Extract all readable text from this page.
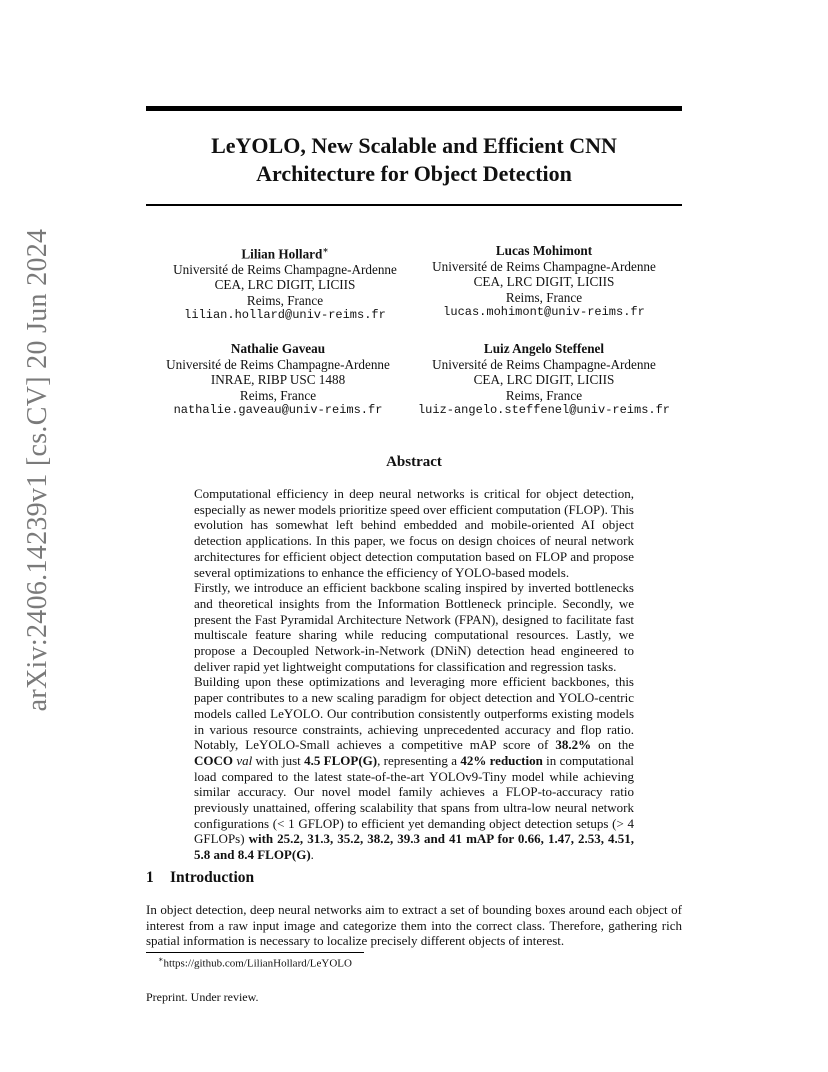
arXiv:2406.14239v1 [cs.CV] 20 Jun 2024
LeYOLO, New Scalable and Efficient CNN
Architecture for Object Detection
Lilian Hollard∗
Université de Reims Champagne-Ardenne
CEA, LRC DIGIT, LICIIS
Reims, France
lilian.hollard@univ-reims.fr
Lucas Mohimont
Université de Reims Champagne-Ardenne
CEA, LRC DIGIT, LICIIS
Reims, France
lucas.mohimont@univ-reims.fr
Nathalie Gaveau
Université de Reims Champagne-Ardenne
INRAE, RIBP USC 1488
Reims, France
nathalie.gaveau@univ-reims.fr
Luiz Angelo Steffenel
Université de Reims Champagne-Ardenne
CEA, LRC DIGIT, LICIIS
Reims, France
luiz-angelo.steffenel@univ-reims.fr
Abstract

Computational efficiency in deep neural networks is critical for object detection, especially as newer models prioritize speed over efficient computation (FLOP). This evolution has somewhat left behind embedded and mobile-oriented AI object detection applications. In this paper, we focus on design choices of neural network architectures for efficient object detection computation based on FLOP and propose several optimizations to enhance the efficiency of YOLO-based models.

Firstly, we introduce an efficient backbone scaling inspired by inverted bottlenecks and theoretical insights from the Information Bottleneck principle. Secondly, we present the Fast Pyramidal Architecture Network (FPAN), designed to facilitate fast multiscale feature sharing while reducing computational resources. Lastly, we propose a Decoupled Network-in-Network (DNiN) detection head engineered to deliver rapid yet lightweight computations for classification and regression tasks.

Building upon these optimizations and leveraging more efficient backbones, this paper contributes to a new scaling paradigm for object detection and YOLO-centric models called LeYOLO. Our contribution consistently outperforms existing models in various resource constraints, achieving unprecedented accuracy and flop ratio. Notably, LeYOLO-Small achieves a competitive mAP score of 38.2% on the COCO val with just 4.5 FLOP(G), representing a 42% reduction in computational load compared to the latest state-of-the-art YOLOv9-Tiny model while achieving similar accuracy. Our novel model family achieves a FLOP-to-accuracy ratio previously unattained, offering scalability that spans from ultra-low neural network configurations (< 1 GFLOP) to efficient yet demanding object detection setups (> 4 GFLOPs) with 25.2, 31.3, 35.2, 38.2, 39.3 and 41 mAP for 0.66, 1.47, 2.53, 4.51, 5.8 and 8.4 FLOP(G).

1 Introduction

In object detection, deep neural networks aim to extract a set of bounding boxes around each object of interest from a raw input image and categorize them into the correct class. Therefore, gathering rich spatial information is necessary to localize precisely different objects of interest.

∗https://github.com/LilianHollard/LeYOLO
Preprint. Under review.
